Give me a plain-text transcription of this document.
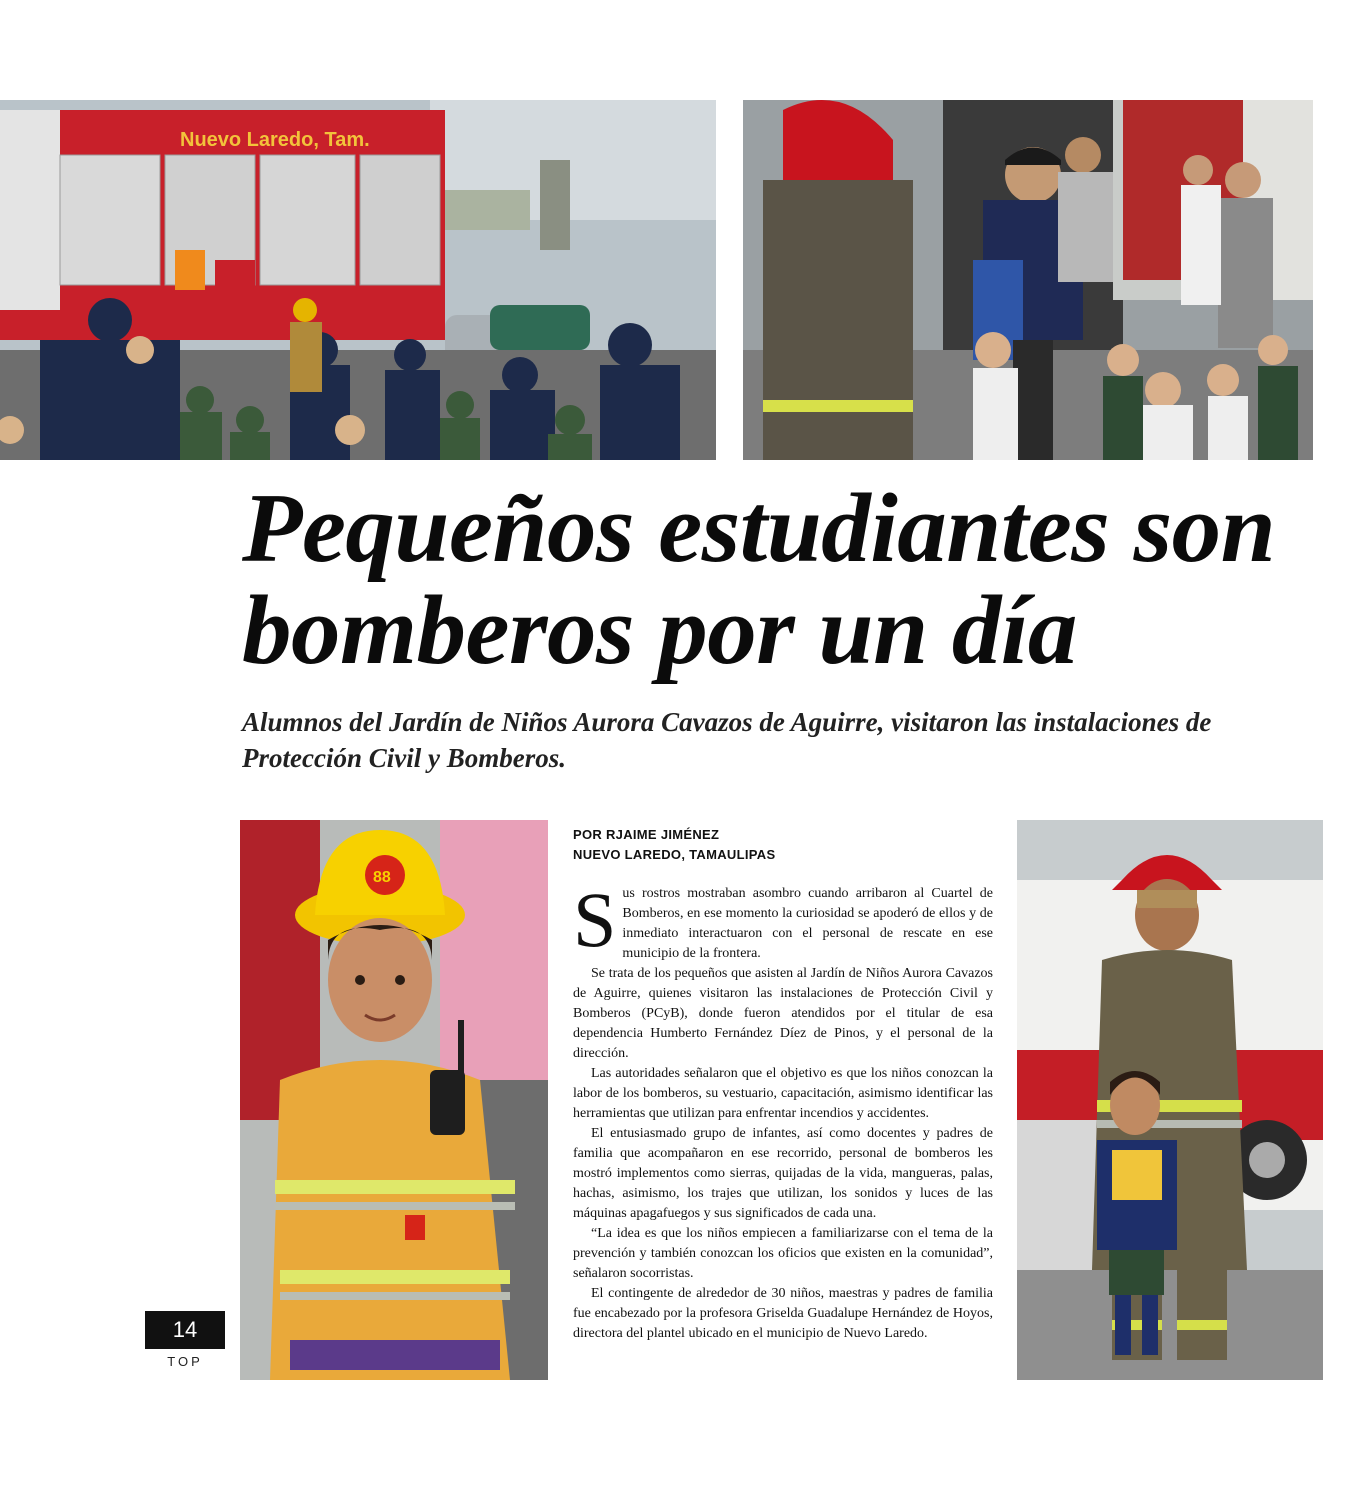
Nuevo Laredo, Tam.
Pequeños estudiantes son bomberos por un día

Alumnos del Jardín de Niños Aurora Cavazos de Aguirre, visitaron las instalaciones de Protección Civil y Bomberos.

88

POR RJAIME JIMÉNEZ
NUEVO LAREDO, TAMAULIPAS

Sus rostros mostraban asombro cuando arribaron al Cuartel de Bomberos, en ese momento la curiosidad se apoderó de ellos y de inmediato interactuaron con el personal de rescate en ese municipio de la frontera.

Se trata de los pequeños que asisten al Jardín de Niños Aurora Cavazos de Aguirre, quienes visitaron las instalaciones de Protección Civil y Bomberos (PCyB), donde fueron atendidos por el titular de esa dependencia Humberto Fernández Díez de Pinos, y el personal de la dirección.

Las autoridades señalaron que el objetivo es que los niños conozcan la labor de los bomberos, su vestuario, capacitación, asimismo identificar las herramientas que utilizan para enfrentar incendios y accidentes.

El entusiasmado grupo de infantes, así como docentes y padres de familia que acompañaron en ese recorrido, personal de bomberos les mostró implementos como sierras, quijadas de la vida, mangueras, palas, hachas, asimismo, los trajes que utilizan, los sonidos y luces de las máquinas apagafuegos y sus significados de cada una.

“La idea es que los niños empiecen a familiarizarse con el tema de la prevención y también conozcan los oficios que existen en la comunidad”, señalaron socorristas.

El contingente de alrededor de 30 niños, maestras y padres de familia fue encabezado por la profesora Griselda Guadalupe Hernández de Hoyos, directora del plantel ubicado en el municipio de Nuevo Laredo.

14
TOP
